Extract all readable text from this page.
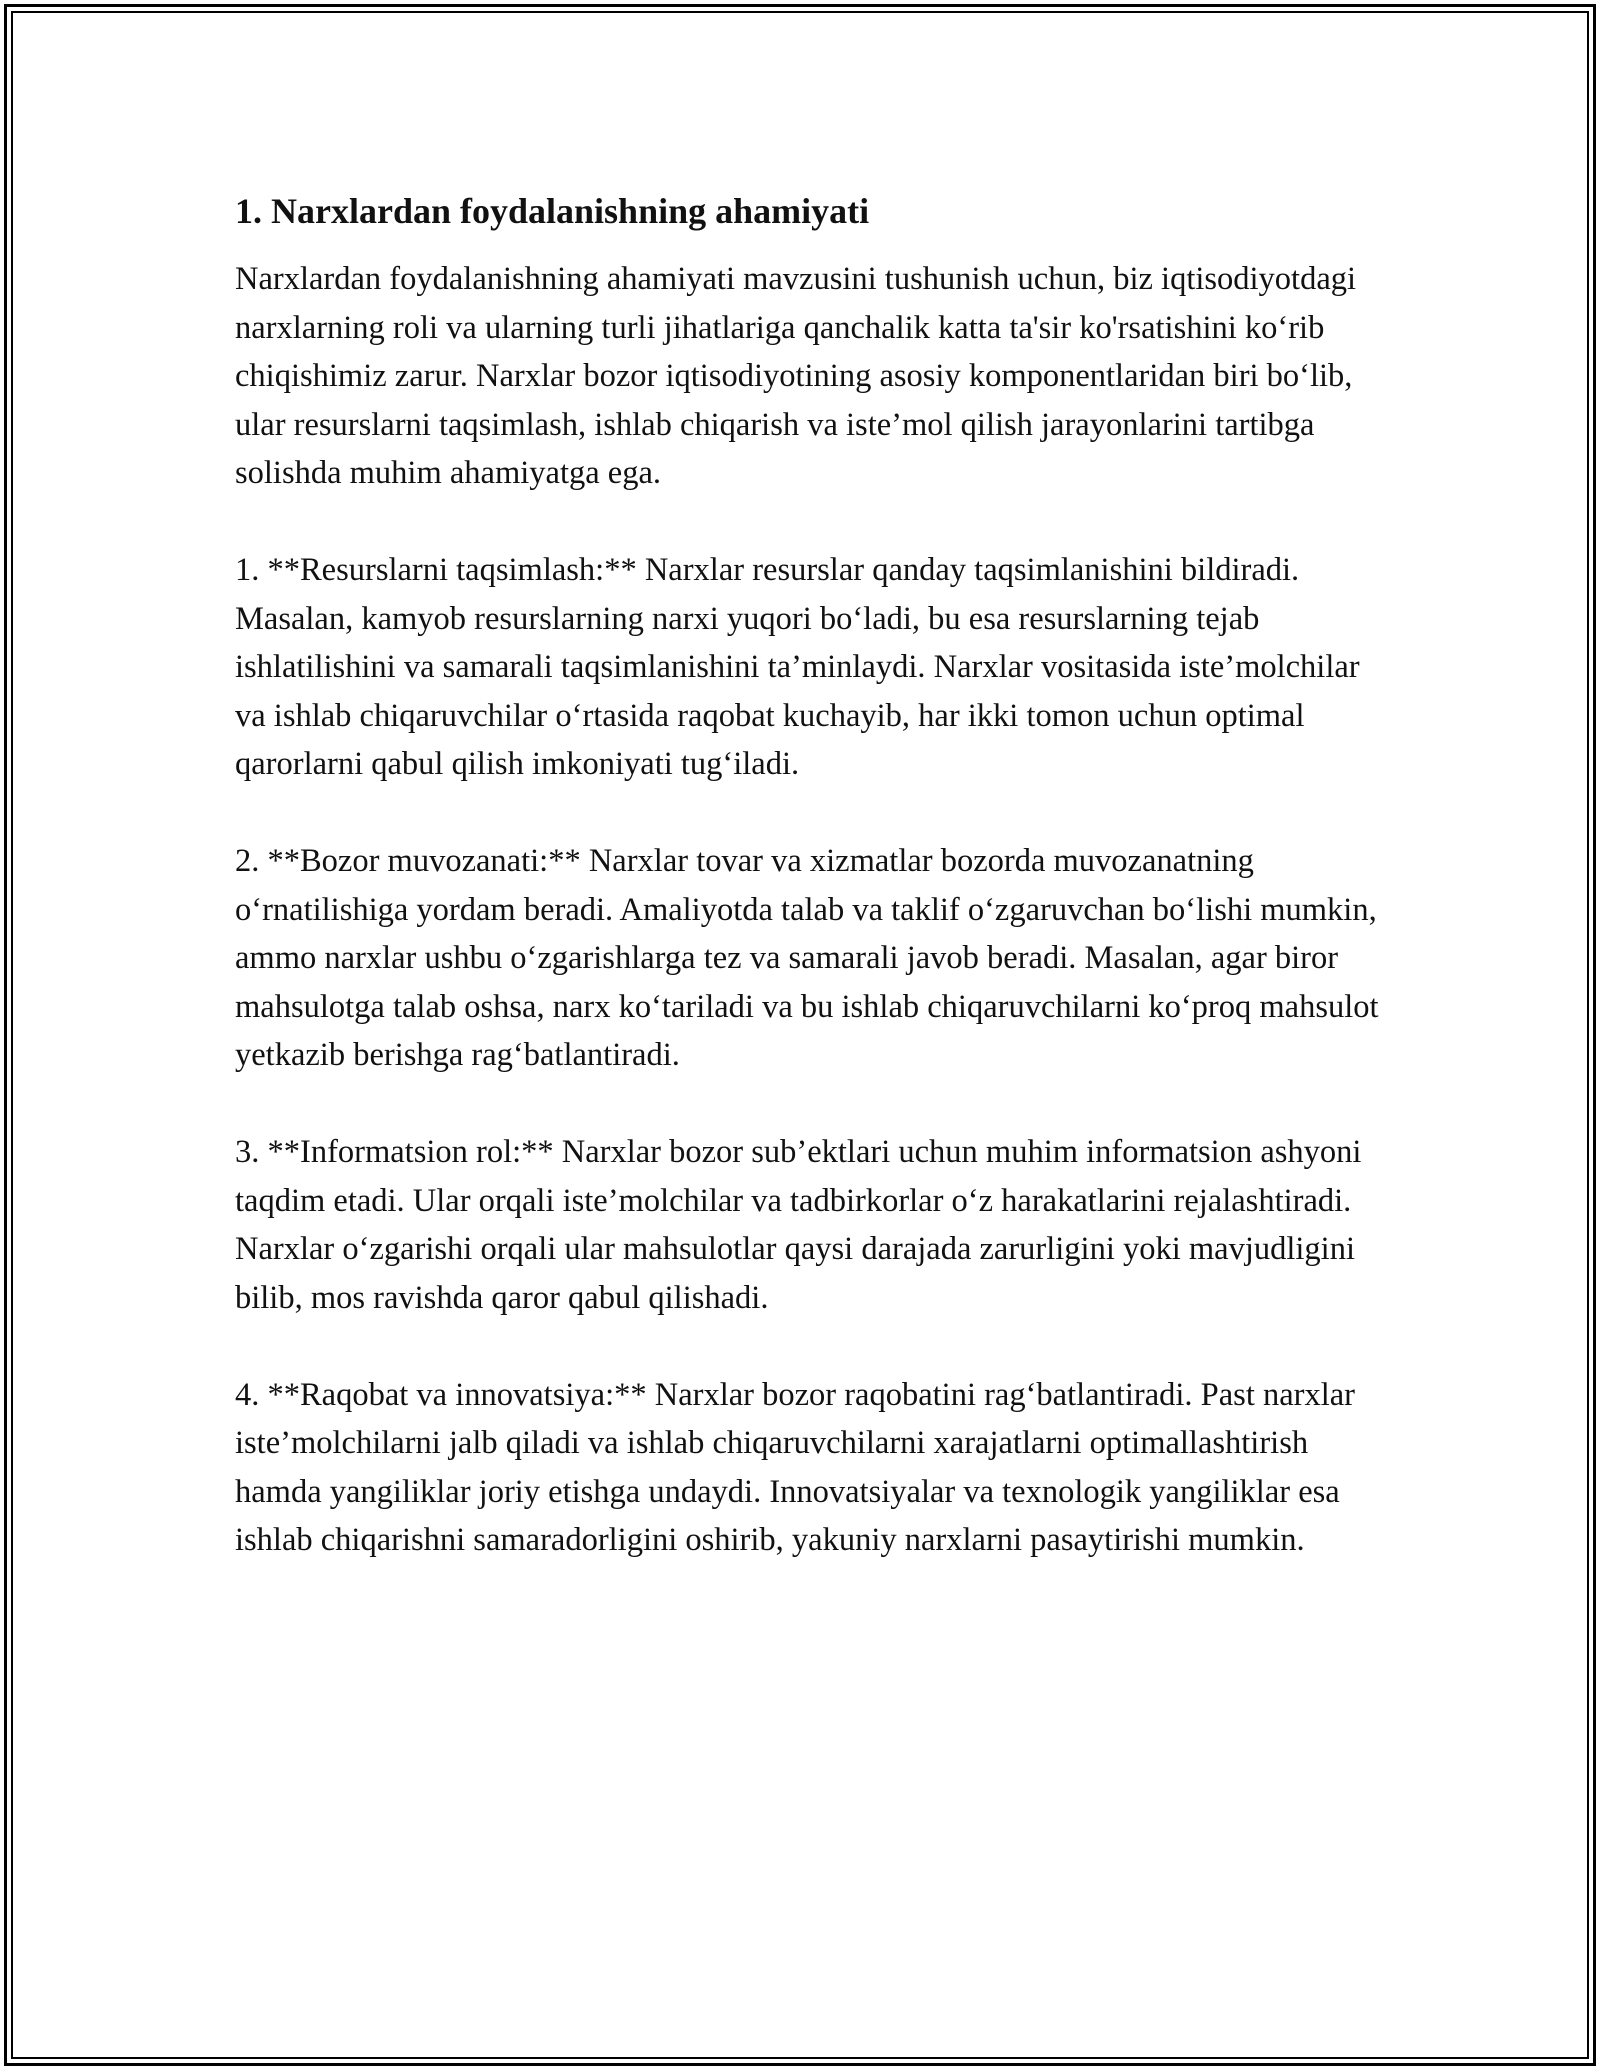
1. Narxlardan foydalanishning ahamiyati

Narxlardan foydalanishning ahamiyati mavzusini tushunish uchun, biz iqtisodiyotdagi narxlarning roli va ularning turli jihatlariga qanchalik katta ta'sir ko'rsatishini ko‘rib chiqishimiz zarur. Narxlar bozor iqtisodiyotining asosiy komponentlaridan biri bo‘lib, ular resurslarni taqsimlash, ishlab chiqarish va iste’mol qilish jarayonlarini tartibga solishda muhim ahamiyatga ega.

1. **Resurslarni taqsimlash:** Narxlar resurslar qanday taqsimlanishini bildiradi. Masalan, kamyob resurslarning narxi yuqori bo‘ladi, bu esa resurslarning tejab ishlatilishini va samarali taqsimlanishini ta’minlaydi. Narxlar vositasida iste’molchilar va ishlab chiqaruvchilar o‘rtasida raqobat kuchayib, har ikki tomon uchun optimal qarorlarni qabul qilish imkoniyati tug‘iladi.

2. **Bozor muvozanati:** Narxlar tovar va xizmatlar bozorda muvozanatning o‘rnatilishiga yordam beradi. Amaliyotda talab va taklif o‘zgaruvchan bo‘lishi mumkin, ammo narxlar ushbu o‘zgarishlarga tez va samarali javob beradi. Masalan, agar biror mahsulotga talab oshsa, narx ko‘tariladi va bu ishlab chiqaruvchilarni ko‘proq mahsulot yetkazib berishga rag‘batlantiradi.

3. **Informatsion rol:** Narxlar bozor sub’ektlari uchun muhim informatsion ashyoni taqdim etadi. Ular orqali iste’molchilar va tadbirkorlar o‘z harakatlarini rejalashtiradi. Narxlar o‘zgarishi orqali ular mahsulotlar qaysi darajada zarurligini yoki mavjudligini bilib, mos ravishda qaror qabul qilishadi.

4. **Raqobat va innovatsiya:** Narxlar bozor raqobatini rag‘batlantiradi. Past narxlar iste’molchilarni jalb qiladi va ishlab chiqaruvchilarni xarajatlarni optimallashtirish hamda yangiliklar joriy etishga undaydi. Innovatsiyalar va texnologik yangiliklar esa ishlab chiqarishni samaradorligini oshirib, yakuniy narxlarni pasaytirishi mumkin.
